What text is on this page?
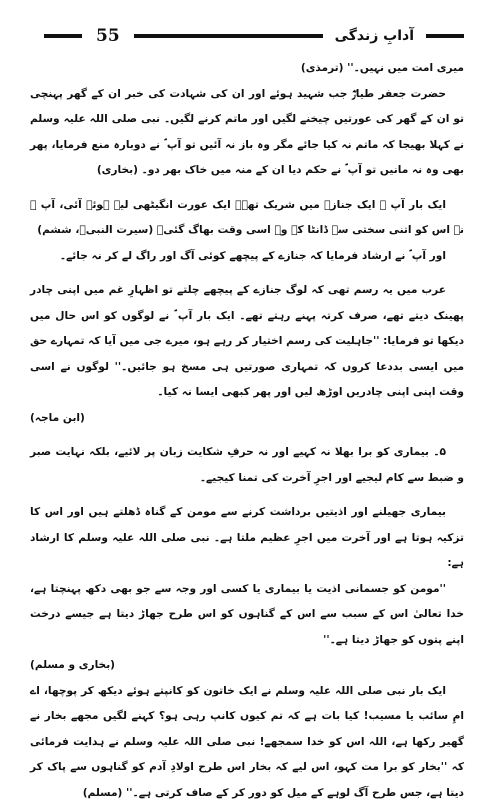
55	آدابِ زندگی

میری امت میں نہیں۔'' (ترمذی)

حضرت جعفر طیارؓ جب شہید ہوئے اور ان کی شہادت کی خبر ان کے گھر پہنچی تو ان کے گھر کی عورتیں چیخنے لگیں اور ماتم کرنے لگیں۔ نبی صلی اللہ علیہ وسلم نے کہلا بھیجا کہ ماتم نہ کیا جائے مگر وہ باز نہ آئیں تو آپ ؐ نے دوبارہ منع فرمایا، پھر بھی وہ نہ مانیں تو آپ ؐ نے حکم دیا ان کے منہ میں خاک بھر دو۔ (بخاری)

ایک بار آپ ؐ ایک جنازہ میں شریک تھے۔ ایک عورت انگیٹھی لیے ہوئے آئی، آپ ؐ نے اس کو اتنی سختی سے ڈانٹا کہ وہ اسی وقت بھاگ گئی۔ (سیرت النبیؐ، ششم)

اور آپ ؐ نے ارشاد فرمایا کہ جنازے کے پیچھے کوئی آگ اور راگ لے کر نہ جائے۔

عرب میں یہ رسم تھی کہ لوگ جنازے کے پیچھے چلتے تو اظہارِ غم میں اپنی چادر پھینک دیتے تھے، صرف کرتہ پہنے رہتے تھے۔ ایک بار آپ ؐ نے لوگوں کو اس حال میں دیکھا تو فرمایا: ''جاہلیت کی رسم اختیار کر رہے ہو، میرے جی میں آیا کہ تمہارے حق میں ایسی بددعا کروں کہ تمہاری صورتیں ہی مسخ ہو جائیں۔'' لوگوں نے اسی وقت اپنی اپنی چادریں اوڑھ لیں اور پھر کبھی ایسا نہ کیا۔

(ابن ماجہ)

۵۔ بیماری کو برا بھلا نہ کہیے اور نہ حرفِ شکایت زبان پر لائیے، بلکہ نہایت صبر و ضبط سے کام لیجیے اور اجرِ آخرت کی تمنا کیجیے۔

بیماری جھیلنے اور اذیتیں برداشت کرنے سے مومن کے گناہ ڈھلتے ہیں اور اس کا تزکیہ ہوتا ہے اور آخرت میں اجرِ عظیم ملتا ہے۔ نبی صلی اللہ علیہ وسلم کا ارشاد ہے:

''مومن کو جسمانی اذیت یا بیماری یا کسی اور وجہ سے جو بھی دکھ پہنچتا ہے، خدا تعالیٰ اس کے سبب سے اس کے گناہوں کو اس طرح جھاڑ دیتا ہے جیسے درخت اپنے پتوں کو جھاڑ دیتا ہے۔''

(بخاری و مسلم)

ایک بار نبی صلی اللہ علیہ وسلم نے ایک خاتون کو کانپتے ہوئے دیکھ کر پوچھا، اے امِ سائب یا مسیب! کیا بات ہے کہ تم کیوں کانپ رہی ہو؟ کہنے لگیں مجھے بخار نے گھیر رکھا ہے، اللہ اس کو خدا سمجھے! نبی صلی اللہ علیہ وسلم نے ہدایت فرمائی کہ ''بخار کو برا مت کہو، اس لیے کہ بخار اس طرح اولادِ آدم کو گناہوں سے پاک کر دیتا ہے، جس طرح آگ لوہے کے میل کو دور کر کے صاف کرتی ہے۔'' (مسلم)
